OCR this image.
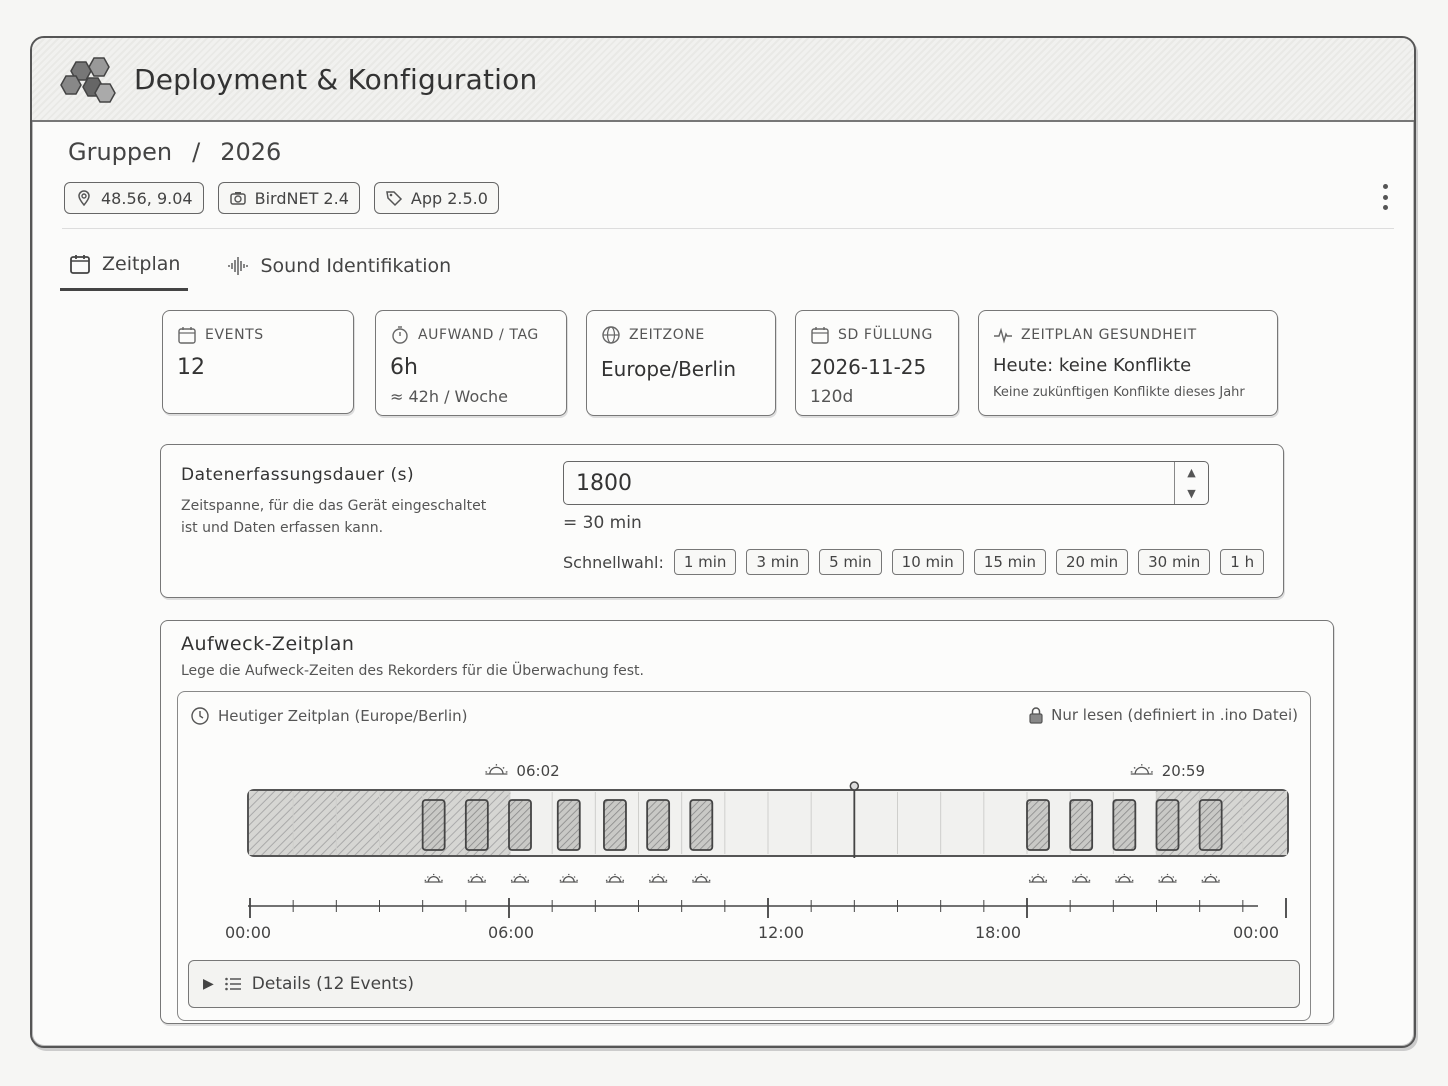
Deployment & Konfiguration
Gruppen / 2026
48.56, 9.04	BirdNET 2.4	App 2.5.0
Zeitplan	Sound Identifikation
EVENTS
12
AUFWAND / TAG
6h
≈ 42h / Woche
ZEITZONE
Europe/Berlin
SD FÜLLUNG
2026-11-25
120d
ZEITPLAN GESUNDHEIT
Heute: keine Konflikte
Keine zukünftigen Konflikte dieses Jahr
Datenerfassungsdauer (s)
Zeitspanne, für die das Gerät eingeschaltet ist und Daten erfassen kann.
1800	▲
▼
= 30 min
Schnellwahl:	1 min	3 min	5 min	10 min	15 min	20 min	30 min	1 h
Aufweck-Zeitplan
Lege die Aufweck-Zeiten des Rekorders für die Überwachung fest.
Heutiger Zeitplan (Europe/Berlin)	Nur lesen (definiert in .ino Datei)
06:02	20:59
00:00	06:00	12:00	18:00	00:00
▶ Details (12 Events)
